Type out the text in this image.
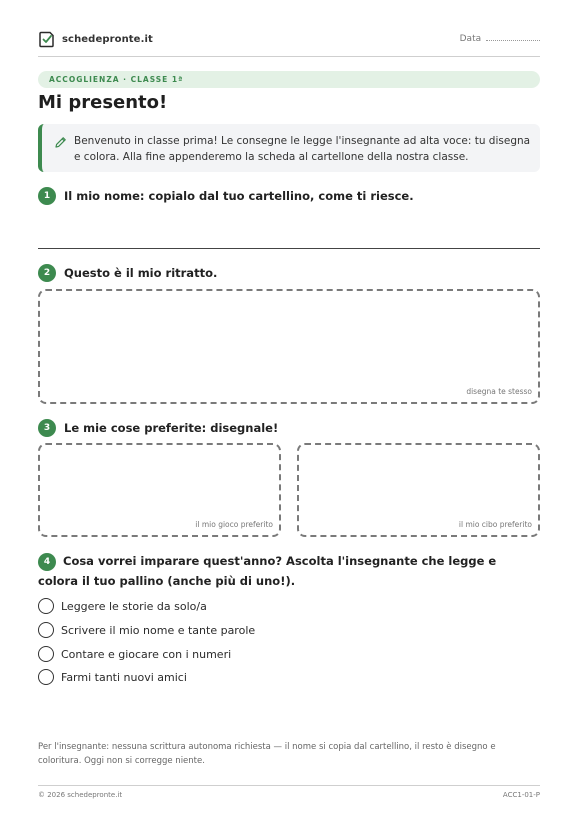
schedepronte.it	Data
ACCOGLIENZA · CLASSE 1ª
Mi presento!

Benvenuto in classe prima! Le consegne le legge l'insegnante ad alta voce: tu disegna e colora. Alla fine appenderemo la scheda al cartellone della nostra classe.

1	Il mio nome: copialo dal tuo cartellino, come ti riesce.
2	Questo è il mio ritratto.
disegna te stesso
3	Le mie cose preferite: disegnale!
il mio gioco preferito	il mio cibo preferito
4 Cosa vorrei imparare quest'anno? Ascolta l'insegnante che legge e colora il tuo pallino (anche più di uno!).
Leggere le storie da solo/a
Scrivere il mio nome e tante parole
Contare e giocare con i numeri
Farmi tanti nuovi amici

Per l'insegnante: nessuna scrittura autonoma richiesta — il nome si copia dal cartellino, il resto è disegno e coloritura. Oggi non si corregge niente.

© 2026 schedepronte.it	ACC1-01-P
